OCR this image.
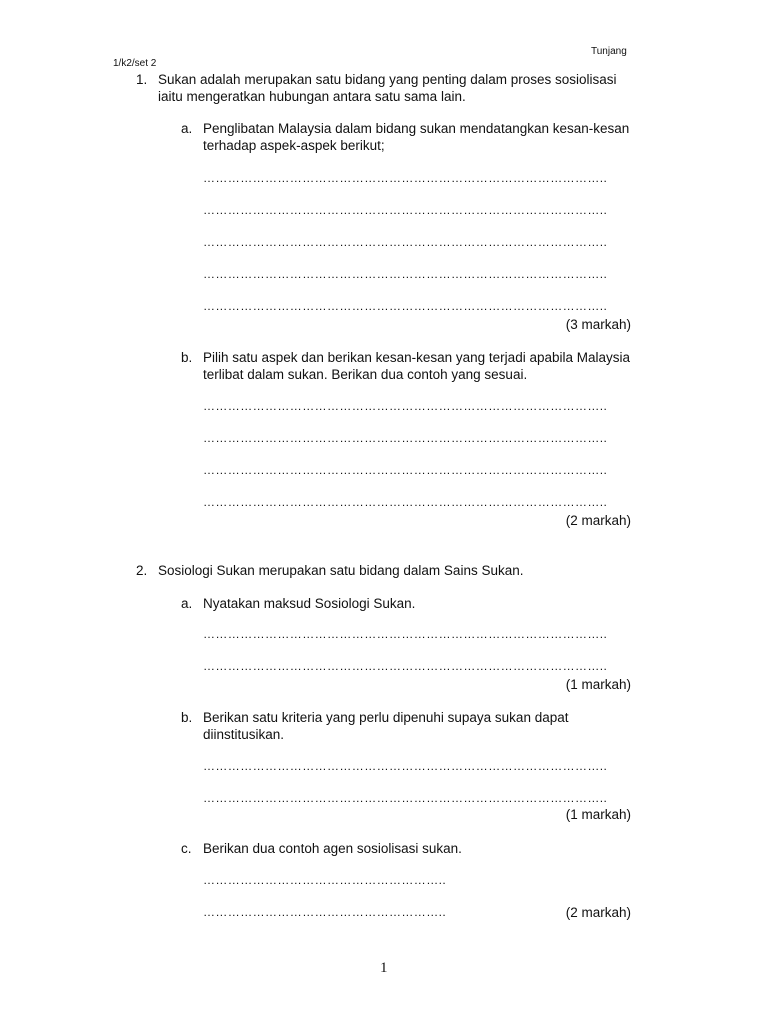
Tunjang
1/k2/set 2
1. Sukan adalah merupakan satu bidang yang penting dalam proses sosiolisasi
iaitu mengeratkan hubungan antara satu sama lain.
a. Penglibatan Malaysia dalam bidang sukan mendatangkan kesan-kesan
terhadap aspek-aspek berikut;
……………………………………………………………………………………..
……………………………………………………………………………………..
……………………………………………………………………………………..
……………………………………………………………………………………..
……………………………………………………………………………………..
(3 markah)
b. Pilih satu aspek dan berikan kesan-kesan yang terjadi apabila Malaysia
terlibat dalam sukan. Berikan dua contoh yang sesuai.
……………………………………………………………………………………..
……………………………………………………………………………………..
……………………………………………………………………………………..
……………………………………………………………………………………..
(2 markah)
2. Sosiologi Sukan merupakan satu bidang dalam Sains Sukan.
a. Nyatakan maksud Sosiologi Sukan.
……………………………………………………………………………………..
……………………………………………………………………………………..
(1 markah)
b. Berikan satu kriteria yang perlu dipenuhi supaya sukan dapat
diinstitusikan.
……………………………………………………………………………………..
……………………………………………………………………………………..
(1 markah)
c. Berikan dua contoh agen sosiolisasi sukan.
…………………………………………………..
…………………………………………………..	(2 markah)
1
